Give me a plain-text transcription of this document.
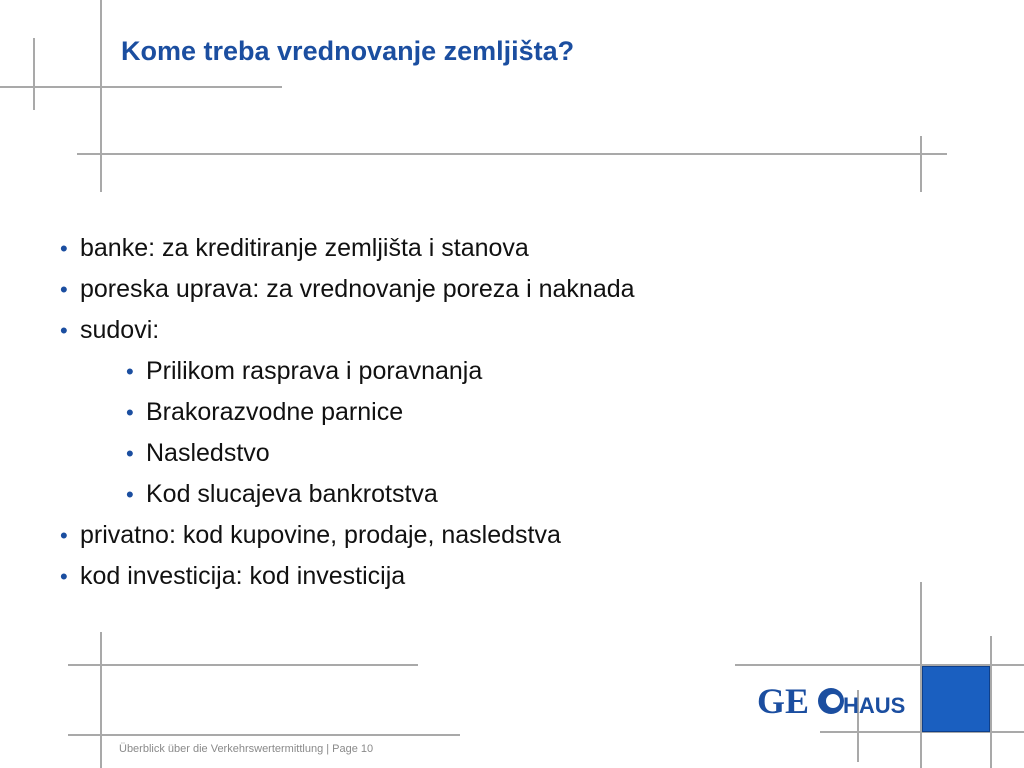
Kome treba vrednovanje zemljišta?
• banke: za kreditiranje zemljišta i stanova
• poreska uprava: za vrednovanje poreza i naknada
• sudovi:
• Prilikom rasprava i poravnanja
• Brakorazvodne parnice
• Nasledstvo
• Kod slucajeva bankrotstva
• privatno: kod kupovine, prodaje, nasledstva
• kod investicija: kod investicija
Überblick über die Verkehrswertermittlung | Page 10
GE HAUS
